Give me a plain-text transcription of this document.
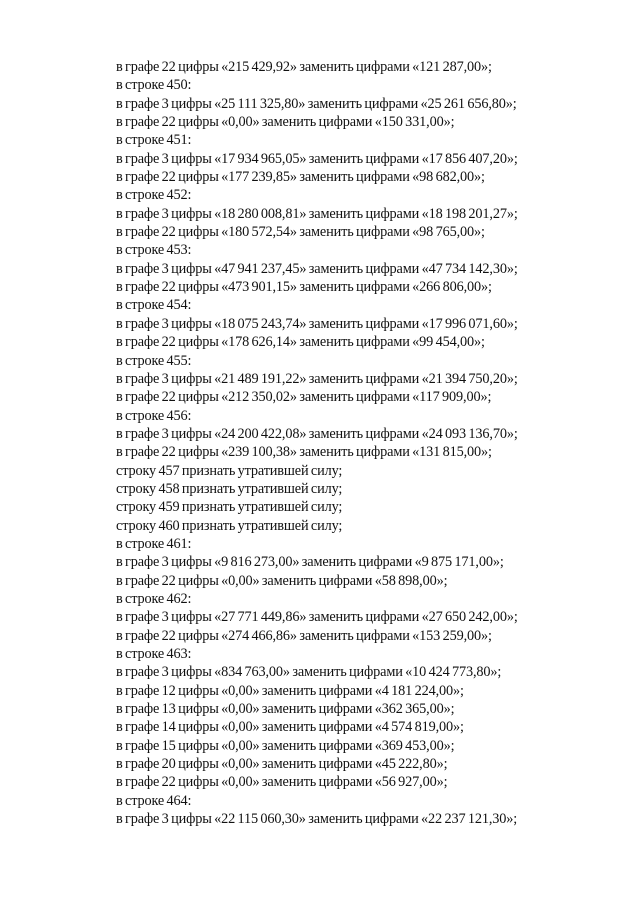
в графе 22 цифры «215 429,92» заменить цифрами «121 287,00»;
в строке 450:
в графе 3 цифры «25 111 325,80» заменить цифрами «25 261 656,80»;
в графе 22 цифры «0,00» заменить цифрами «150 331,00»;
в строке 451:
в графе 3 цифры «17 934 965,05» заменить цифрами «17 856 407,20»;
в графе 22 цифры «177 239,85» заменить цифрами «98 682,00»;
в строке 452:
в графе 3 цифры «18 280 008,81» заменить цифрами «18 198 201,27»;
в графе 22 цифры «180 572,54» заменить цифрами «98 765,00»;
в строке 453:
в графе 3 цифры «47 941 237,45» заменить цифрами «47 734 142,30»;
в графе 22 цифры «473 901,15» заменить цифрами «266 806,00»;
в строке 454:
в графе 3 цифры «18 075 243,74» заменить цифрами «17 996 071,60»;
в графе 22 цифры «178 626,14» заменить цифрами «99 454,00»;
в строке 455:
в графе 3 цифры «21 489 191,22» заменить цифрами «21 394 750,20»;
в графе 22 цифры «212 350,02» заменить цифрами «117 909,00»;
в строке 456:
в графе 3 цифры «24 200 422,08» заменить цифрами «24 093 136,70»;
в графе 22 цифры «239 100,38» заменить цифрами «131 815,00»;
строку 457 признать утратившей силу;
строку 458 признать утратившей силу;
строку 459 признать утратившей силу;
строку 460 признать утратившей силу;
в строке 461:
в графе 3 цифры «9 816 273,00» заменить цифрами «9 875 171,00»;
в графе 22 цифры «0,00» заменить цифрами «58 898,00»;
в строке 462:
в графе 3 цифры «27 771 449,86» заменить цифрами «27 650 242,00»;
в графе 22 цифры «274 466,86» заменить цифрами «153 259,00»;
в строке 463:
в графе 3 цифры «834 763,00» заменить цифрами «10 424 773,80»;
в графе 12 цифры «0,00» заменить цифрами «4 181 224,00»;
в графе 13 цифры «0,00» заменить цифрами «362 365,00»;
в графе 14 цифры «0,00» заменить цифрами «4 574 819,00»;
в графе 15 цифры «0,00» заменить цифрами «369 453,00»;
в графе 20 цифры «0,00» заменить цифрами «45 222,80»;
в графе 22 цифры «0,00» заменить цифрами «56 927,00»;
в строке 464:
в графе 3 цифры «22 115 060,30» заменить цифрами «22 237 121,30»;
